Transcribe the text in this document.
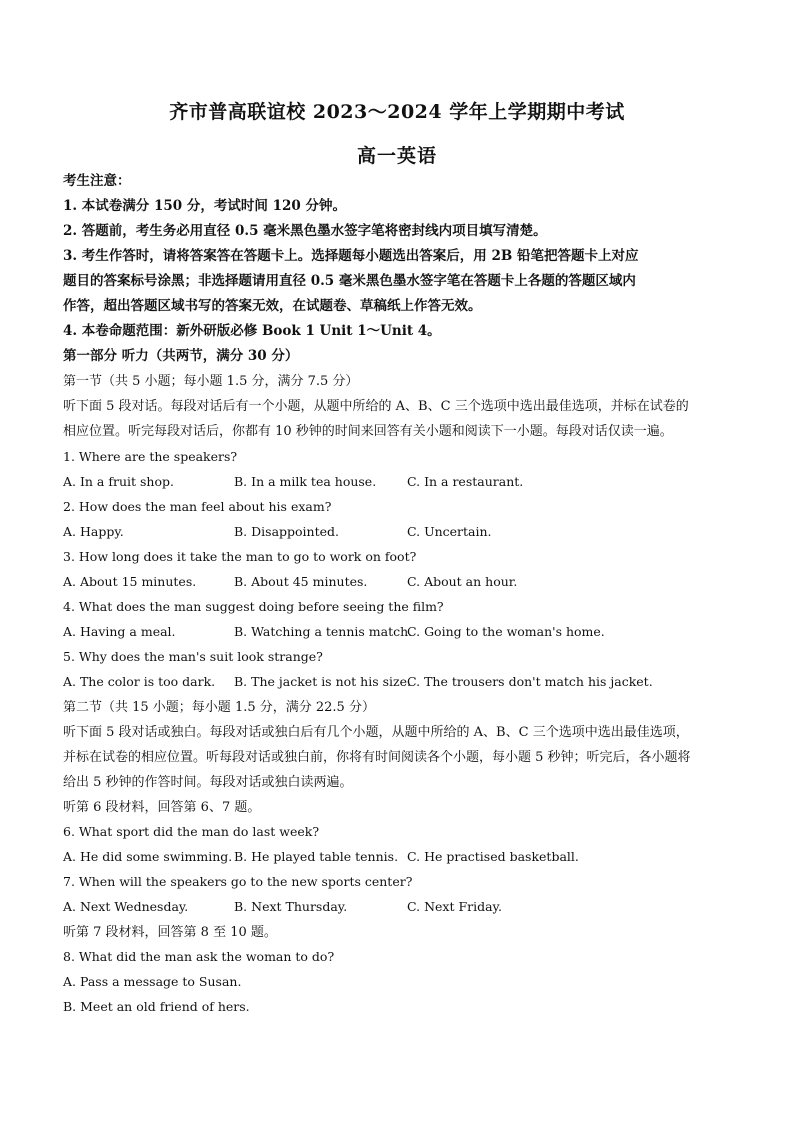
齐市普高联谊校 2023～2024 学年上学期期中考试
高一英语
考生注意：
1. 本试卷满分 150 分，考试时间 120 分钟。
2. 答题前，考生务必用直径 0.5 毫米黑色墨水签字笔将密封线内项目填写清楚。
3. 考生作答时，请将答案答在答题卡上。选择题每小题选出答案后，用 2B 铅笔把答题卡上对应
题目的答案标号涂黑；非选择题请用直径 0.5 毫米黑色墨水签字笔在答题卡上各题的答题区域内
作答，超出答题区域书写的答案无效，在试题卷、草稿纸上作答无效。
4. 本卷命题范围：新外研版必修 Book 1 Unit 1～Unit 4。
第一部分 听力（共两节，满分 30 分）
第一节（共 5 小题；每小题 1.5 分，满分 7.5 分）
听下面 5 段对话。每段对话后有一个小题，从题中所给的 A、B、C 三个选项中选出最佳选项，并标在试卷的
相应位置。听完每段对话后，你都有 10 秒钟的时间来回答有关小题和阅读下一小题。每段对话仅读一遍。
1. Where are the speakers?
A. In a fruit shop.	B. In a milk tea house. C. In a restaurant.
2. How does the man feel about his exam?
A. Happy.	B. Disappointed.	C. Uncertain.
3. How long does it take the man to go to work on foot?
A. About 15 minutes.	B. About 45 minutes.	C. About an hour.
4. What does the man suggest doing before seeing the film?
A. Having a meal.	B. Watching a tennis match.
C. Going to the woman's home.
5. Why does the man's suit look strange?
A. The color is too dark. B. The jacket is not his size.
C. The trousers don't match his jacket.
第二节（共 15 小题；每小题 1.5 分，满分 22.5 分）
听下面 5 段对话或独白。每段对话或独白后有几个小题，从题中所给的 A、B、C 三个选项中选出最佳选项，
并标在试卷的相应位置。听每段对话或独白前，你将有时间阅读各个小题，每小题 5 秒钟；听完后，各小题将
给出 5 秒钟的作答时间。每段对话或独白读两遍。
听第 6 段材料，回答第 6、7 题。
6. What sport did the man do last week?
A. He did some swimming. B. He played table tennis. C. He practised basketball.
7. When will the speakers go to the new sports center?
A. Next Wednesday.	B. Next Thursday.	C. Next Friday.
听第 7 段材料，回答第 8 至 10 题。
8. What did the man ask the woman to do?
A. Pass a message to Susan.
B. Meet an old friend of hers.
